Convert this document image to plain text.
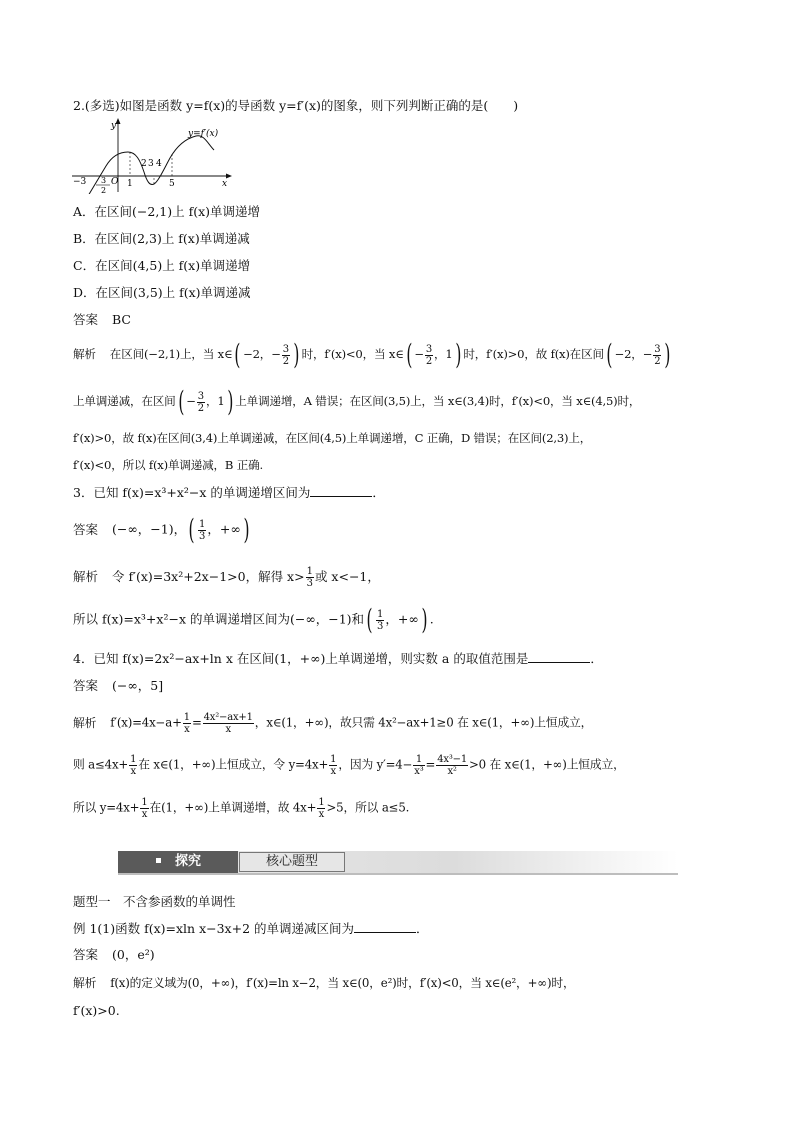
2.(多选)如图是函数 y=f(x)的导函数 y=f′(x)的图象，则下列判断正确的是(　　)
y
x
y=f′(x)
−3 3
2
O 1
2 3 4
5
A．在区间(−2,1)上 f(x)单调递增
B．在区间(2,3)上 f(x)单调递减
C．在区间(4,5)上 f(x)单调递增
D．在区间(3,5)上 f(x)单调递减
答案 BC
解析 在区间(−2,1)上，当 x∈( −2，− $\frac{3}{2}$ ) 时，f′(x)<0，当 x∈( − $\frac{3}{2}$ ，1) 时，f′(x)>0，故 f(x)在区间( −2，− $\frac{3}{2}$ )
上单调递减，在区间( − $\frac{3}{2}$ ，1) 上单调递增，A 错误；在区间(3,5)上，当 x∈(3,4)时，f′(x)<0，当 x∈(4,5)时，
f′(x)>0，故 f(x)在区间(3,4)上单调递减，在区间(4,5)上单调递增，C 正确，D 错误；在区间(2,3)上，
f′(x)<0，所以 f(x)单调递减，B 正确.
3．已知 f(x)=x³+x²−x 的单调递增区间为	．
答案 (−∞，−1)，( $\frac{1}{3}$ ，+∞)
解析 令 f′(x)=3x²+2x−1>0，解得 $x> \frac{1}{3}$ 或 x<−1，
所以 f(x)=x³+x²−x 的单调递增区间为(−∞，−1)和( $\frac{1}{3}$ ，+∞) .
4．已知 f(x)=2x²−ax+ln x 在区间(1，+∞)上单调递增，则实数 a 的取值范围是	．
答案 (−∞，5]
解析 $f'(x)=4x-a+ \frac{1}{x} = \frac{\text{4x²−ax+1}}{x}$ ，x∈(1，+∞)，故只需 4x²−ax+1≥0 在 x∈(1，+∞)上恒成立，
则 $a\le 4x+ \frac{1}{x}$ 在 x∈(1，+∞)上恒成立，令 $y=4x+ \frac{1}{x}$ ，因为 $y'=4- \frac{1}{\text{x³}} = \frac{\text{4x³−1}}{\text{x²}} >0$ 在 x∈(1，+∞)上恒成立，
所以 $y=4x+ \frac{1}{x}$ 在(1，+∞)上单调递增，故 $4x+ \frac{1}{x} >5$，所以 a≤5.
探究	核心题型
题型一　不含参函数的单调性
例 1(1)函数 f(x)=xln x−3x+2 的单调递减区间为	．
答案 (0，e²)
解析 f(x)的定义域为(0，+∞)，f′(x)=ln x−2，当 x∈(0，e²)时，f′(x)<0，当 x∈(e²，+∞)时，
f′(x)>0.
